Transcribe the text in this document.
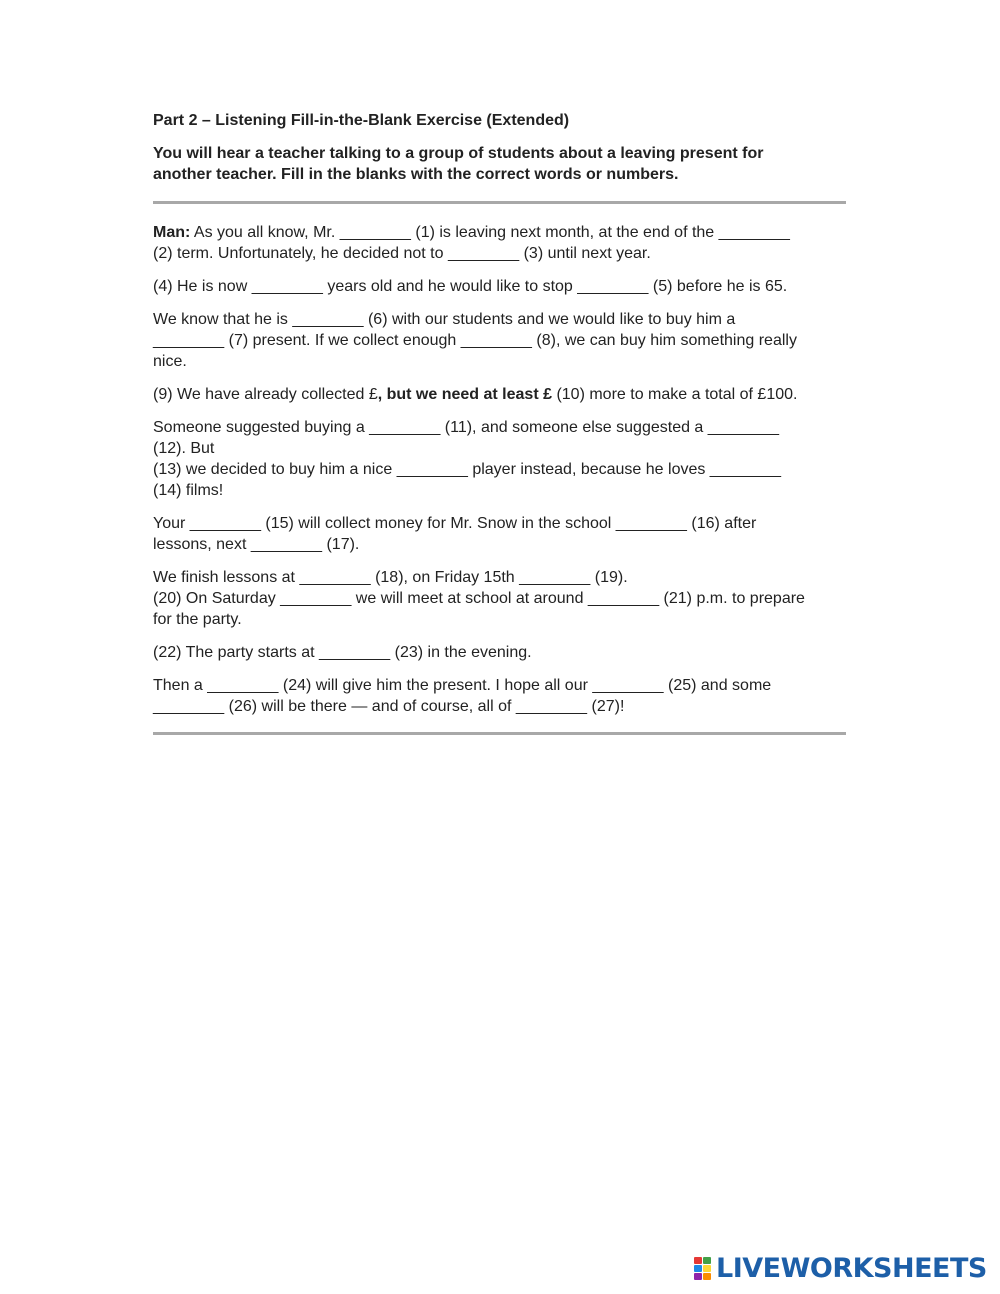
Part 2 – Listening Fill-in-the-Blank Exercise (Extended)

You will hear a teacher talking to a group of students about a leaving present for
another teacher. Fill in the blanks with the correct words or numbers.

Man: As you all know, Mr. ________ (1) is leaving next month, at the end of the ________
(2) term. Unfortunately, he decided not to ________ (3) until next year.

(4) He is now ________ years old and he would like to stop ________ (5) before he is 65.

We know that he is ________ (6) with our students and we would like to buy him a
________ (7) present. If we collect enough ________ (8), we can buy him something really
nice.

(9) We have already collected £, but we need at least £ (10) more to make a total of £100.

Someone suggested buying a ________ (11), and someone else suggested a ________
(12). But
(13) we decided to buy him a nice ________ player instead, because he loves ________
(14) films!

Your ________ (15) will collect money for Mr. Snow in the school ________ (16) after
lessons, next ________ (17).

We finish lessons at ________ (18), on Friday 15th ________ (19).
(20) On Saturday ________ we will meet at school at around ________ (21) p.m. to prepare
for the party.

(22) The party starts at ________ (23) in the evening.

Then a ________ (24) will give him the present. I hope all our ________ (25) and some
________ (26) will be there — and of course, all of ________ (27)!

LIVEWORKSHEETS
